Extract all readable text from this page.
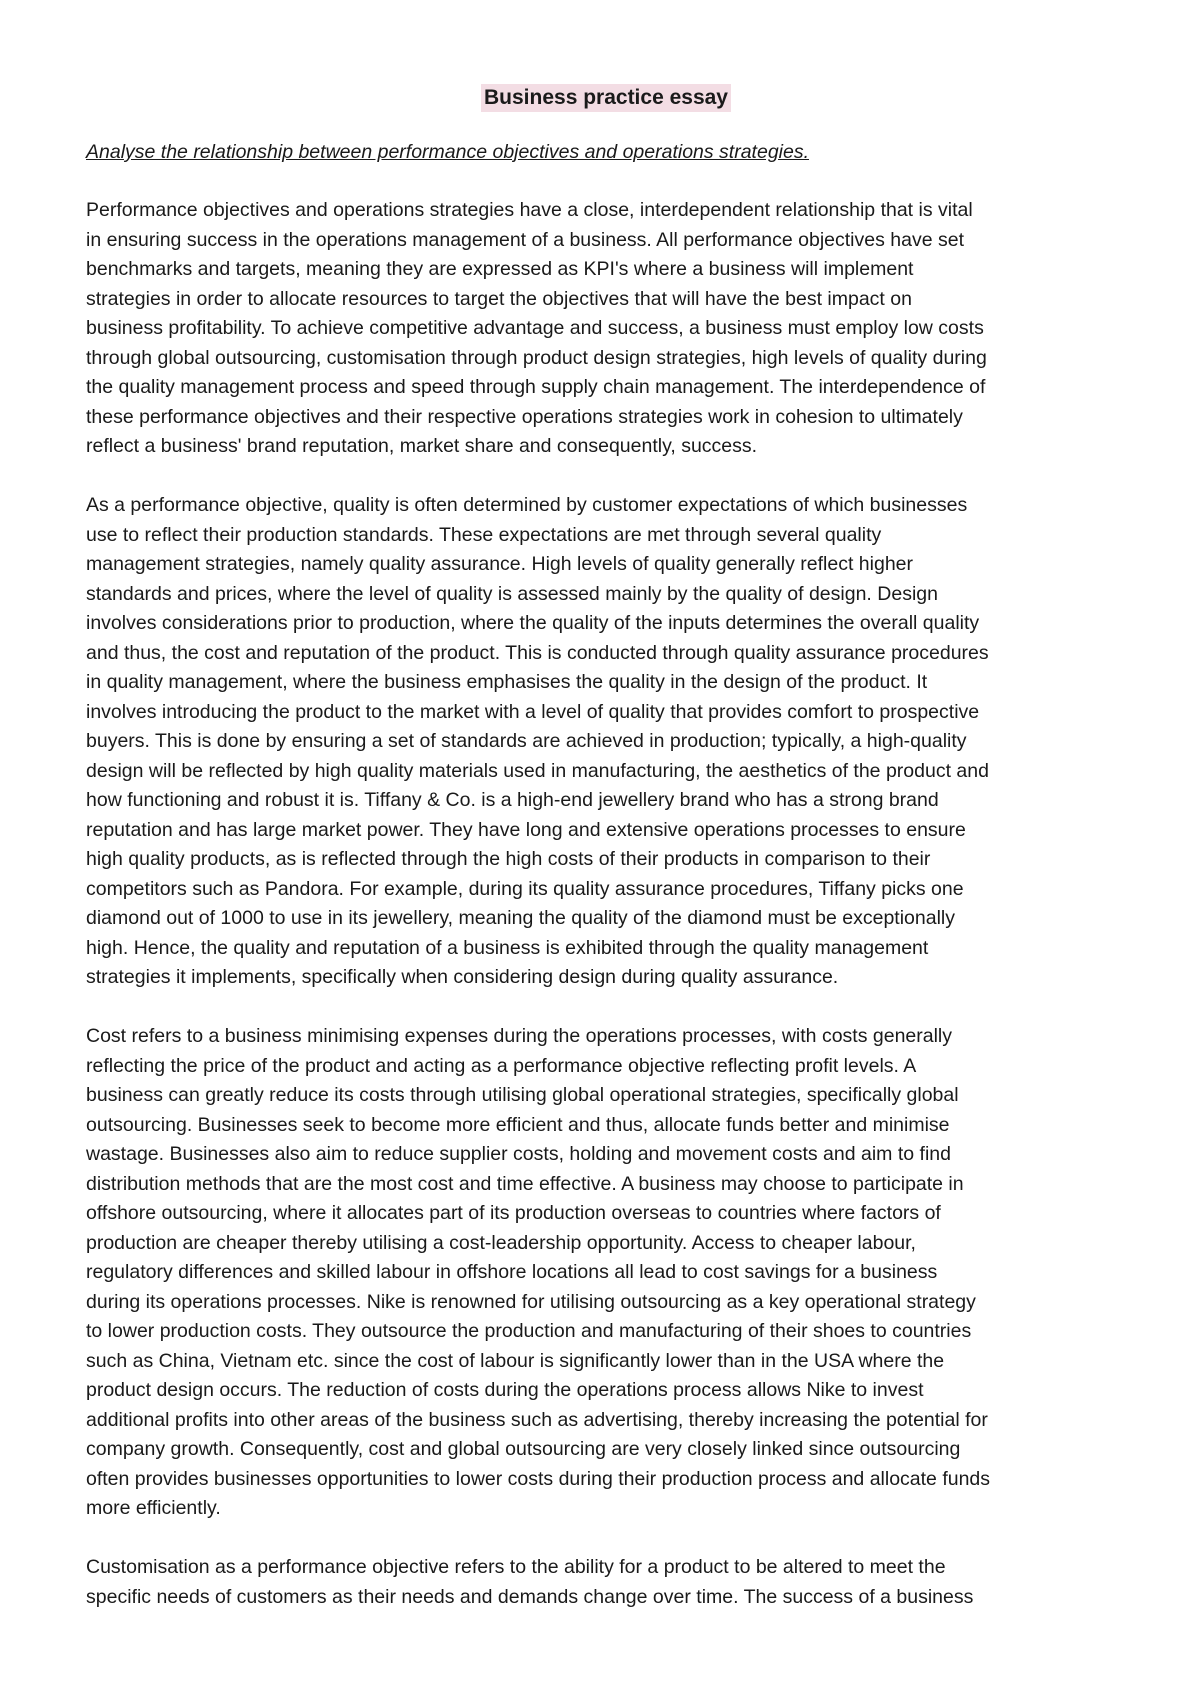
Business practice essay
Analyse the relationship between performance objectives and operations strategies.
Performance objectives and operations strategies have a close, interdependent relationship that is vital
in ensuring success in the operations management of a business. All performance objectives have set
benchmarks and targets, meaning they are expressed as KPI's where a business will implement
strategies in order to allocate resources to target the objectives that will have the best impact on
business profitability. To achieve competitive advantage and success, a business must employ low costs
through global outsourcing, customisation through product design strategies, high levels of quality during
the quality management process and speed through supply chain management. The interdependence of
these performance objectives and their respective operations strategies work in cohesion to ultimately
reflect a business' brand reputation, market share and consequently, success.
As a performance objective, quality is often determined by customer expectations of which businesses
use to reflect their production standards. These expectations are met through several quality
management strategies, namely quality assurance. High levels of quality generally reflect higher
standards and prices, where the level of quality is assessed mainly by the quality of design. Design
involves considerations prior to production, where the quality of the inputs determines the overall quality
and thus, the cost and reputation of the product. This is conducted through quality assurance procedures
in quality management, where the business emphasises the quality in the design of the product. It
involves introducing the product to the market with a level of quality that provides comfort to prospective
buyers. This is done by ensuring a set of standards are achieved in production; typically, a high-quality
design will be reflected by high quality materials used in manufacturing, the aesthetics of the product and
how functioning and robust it is. Tiffany & Co. is a high-end jewellery brand who has a strong brand
reputation and has large market power. They have long and extensive operations processes to ensure
high quality products, as is reflected through the high costs of their products in comparison to their
competitors such as Pandora. For example, during its quality assurance procedures, Tiffany picks one
diamond out of 1000 to use in its jewellery, meaning the quality of the diamond must be exceptionally
high. Hence, the quality and reputation of a business is exhibited through the quality management
strategies it implements, specifically when considering design during quality assurance.
Cost refers to a business minimising expenses during the operations processes, with costs generally
reflecting the price of the product and acting as a performance objective reflecting profit levels. A
business can greatly reduce its costs through utilising global operational strategies, specifically global
outsourcing. Businesses seek to become more efficient and thus, allocate funds better and minimise
wastage. Businesses also aim to reduce supplier costs, holding and movement costs and aim to find
distribution methods that are the most cost and time effective. A business may choose to participate in
offshore outsourcing, where it allocates part of its production overseas to countries where factors of
production are cheaper thereby utilising a cost-leadership opportunity. Access to cheaper labour,
regulatory differences and skilled labour in offshore locations all lead to cost savings for a business
during its operations processes. Nike is renowned for utilising outsourcing as a key operational strategy
to lower production costs. They outsource the production and manufacturing of their shoes to countries
such as China, Vietnam etc. since the cost of labour is significantly lower than in the USA where the
product design occurs. The reduction of costs during the operations process allows Nike to invest
additional profits into other areas of the business such as advertising, thereby increasing the potential for
company growth. Consequently, cost and global outsourcing are very closely linked since outsourcing
often provides businesses opportunities to lower costs during their production process and allocate funds
more efficiently.
Customisation as a performance objective refers to the ability for a product to be altered to meet the
specific needs of customers as their needs and demands change over time. The success of a business
